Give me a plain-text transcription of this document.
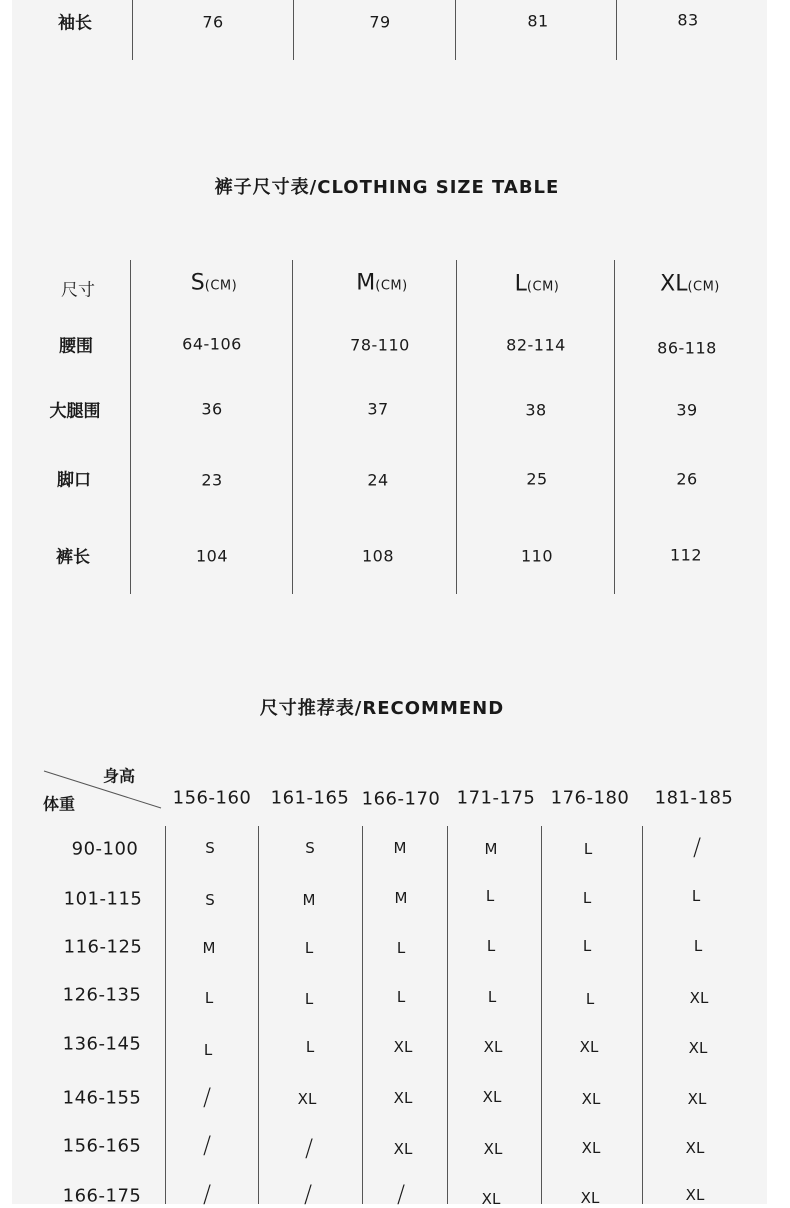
袖长	76	79	81	83
裤子尺寸表/CLOTHING SIZE TABLE
尺寸	S(CM)	M(CM)	L(CM)	XL(CM)
腰围	64-106	78-110	82-114	86-118
大腿围	36	37	38	39
脚口	23	24	25	26
裤长	104	108	110	112
尺寸推荐表/RECOMMEND
身高
体重	156-160 161-165 166-170 171-175 176-180 181-185
90-100	S	S	M	M	L	/
101-115	S	M	M	L	L	L
116-125	M	L	L	L	L	L
126-135	L	L	L	L	L	XL
136-145	L	L	XL	XL	XL	XL
146-155	/	XL	XL	XL	XL	XL
156-165	/	/	XL	XL	XL	XL
166-175	/	/	/	XL	XL	XL
